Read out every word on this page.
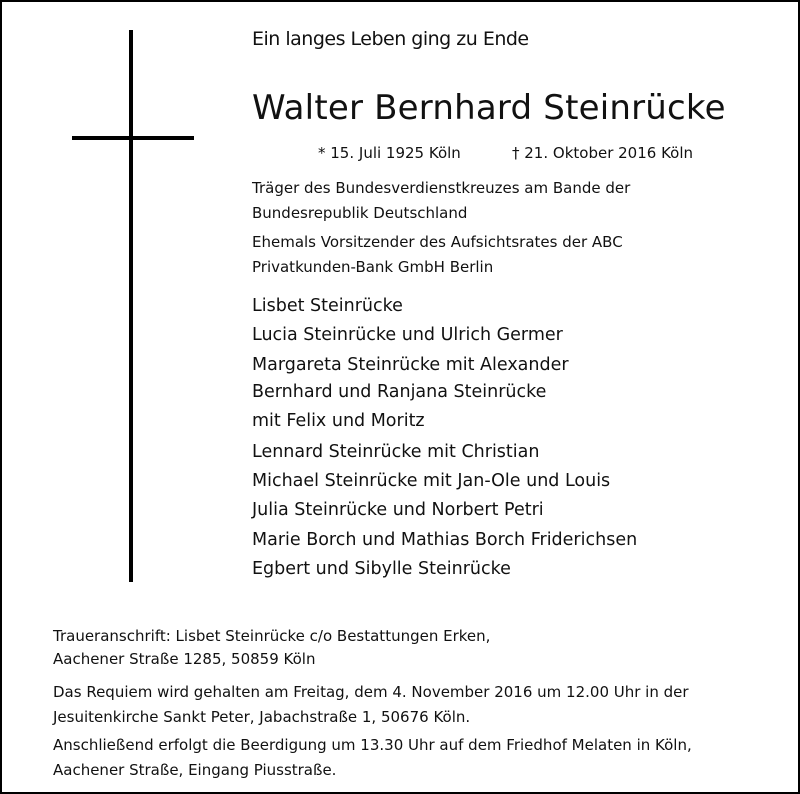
Ein langes Leben ging zu Ende
Walter Bernhard Steinrücke
* 15. Juli 1925 Köln	† 21. Oktober 2016 Köln
Träger des Bundesverdienstkreuzes am Bande der
Bundesrepublik Deutschland
Ehemals Vorsitzender des Aufsichtsrates der ABC
Privatkunden-Bank GmbH Berlin
Lisbet Steinrücke
Lucia Steinrücke und Ulrich Germer
Margareta Steinrücke mit Alexander
Bernhard und Ranjana Steinrücke
mit Felix und Moritz
Lennard Steinrücke mit Christian
Michael Steinrücke mit Jan-Ole und Louis
Julia Steinrücke und Norbert Petri
Marie Borch und Mathias Borch Friderichsen
Egbert und Sibylle Steinrücke
Traueranschrift: Lisbet Steinrücke c/o Bestattungen Erken,
Aachener Straße 1285, 50859 Köln
Das Requiem wird gehalten am Freitag, dem 4. November 2016 um 12.00 Uhr in der
Jesuitenkirche Sankt Peter, Jabachstraße 1, 50676 Köln.
Anschließend erfolgt die Beerdigung um 13.30 Uhr auf dem Friedhof Melaten in Köln,
Aachener Straße, Eingang Piusstraße.
